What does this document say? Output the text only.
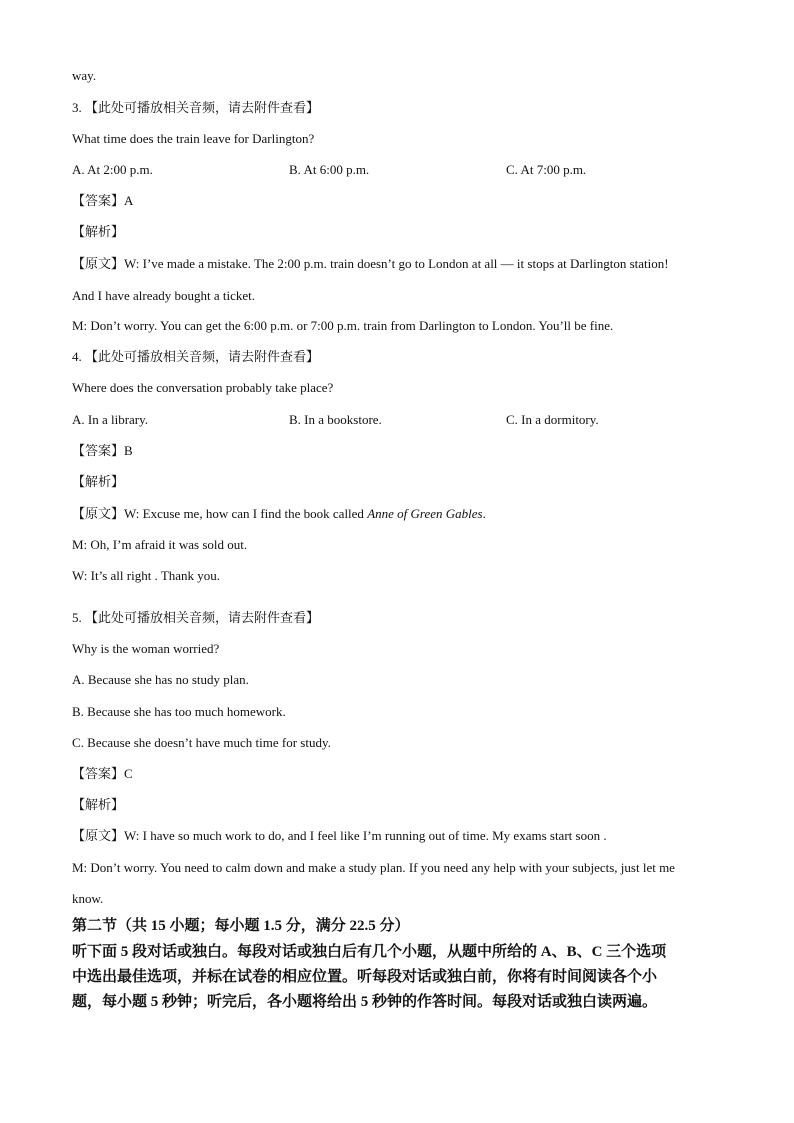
way.
3. 【此处可播放相关音频，请去附件查看】
What time does the train leave for Darlington?
A. At 2:00 p.m.	B. At 6:00 p.m.	C. At 7:00 p.m.
【答案】A
【解析】
【原文】W: I’ve made a mistake. The 2:00 p.m. train doesn’t go to London at all — it stops at Darlington station!
And I have already bought a ticket.
M: Don’t worry. You can get the 6:00 p.m. or 7:00 p.m. train from Darlington to London. You’ll be fine.
4. 【此处可播放相关音频，请去附件查看】
Where does the conversation probably take place?
A. In a library.	B. In a bookstore.	C. In a dormitory.
【答案】B
【解析】
【原文】W: Excuse me, how can I find the book called Anne of Green Gables.
M: Oh, I’m afraid it was sold out.
W: It’s all right . Thank you.
5. 【此处可播放相关音频，请去附件查看】
Why is the woman worried?
A. Because she has no study plan.
B. Because she has too much homework.
C. Because she doesn’t have much time for study.
【答案】C
【解析】
【原文】W: I have so much work to do, and I feel like I’m running out of time. My exams start soon .
M: Don’t worry. You need to calm down and make a study plan. If you need any help with your subjects, just let me
know.
第二节（共 15 小题；每小题 1.5 分，满分 22.5 分）
听下面 5 段对话或独白。每段对话或独白后有几个小题，从题中所给的 A、B、C 三个选项
中选出最佳选项，并标在试卷的相应位置。听每段对话或独白前，你将有时间阅读各个小
题，每小题 5 秒钟；听完后，各小题将给出 5 秒钟的作答时间。每段对话或独白读两遍。
